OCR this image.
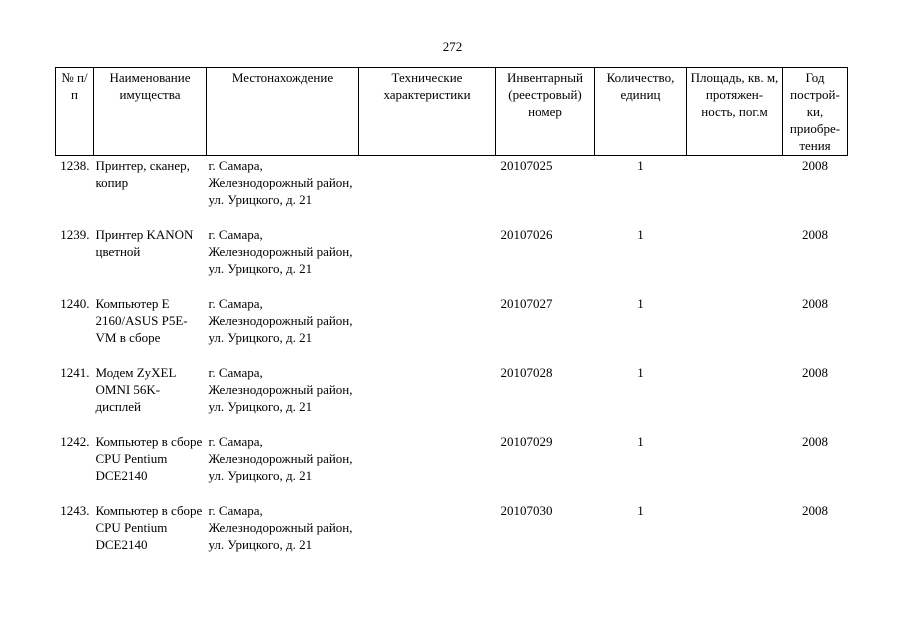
272
№ п/п	Наименование имущества	Местонахождение	Технические характеристики	Инвентарный (реестровый) номер	Количество, единиц	Площадь, кв. м, протяжен-ность, пог.м	Год построй-ки, приобре-тения
1238.	Принтер, сканер, копир	г. Самара, Железнодорожный район, ул. Урицкого, д. 21		20107025	1		2008
1239.	Принтер KANON цветной	г. Самара, Железнодорожный район, ул. Урицкого, д. 21		20107026	1		2008
1240.	Компьютер E 2160/ASUS P5E-VM в сборе	г. Самара, Железнодорожный район, ул. Урицкого, д. 21		20107027	1		2008
1241.	Модем ZyXEL OMNI 56K- дисплей	г. Самара, Железнодорожный район, ул. Урицкого, д. 21		20107028	1		2008
1242.	Компьютер в сборе CPU Pentium DCE2140	г. Самара, Железнодорожный район, ул. Урицкого, д. 21		20107029	1		2008
1243.	Компьютер в сборе CPU Pentium DCE2140	г. Самара, Железнодорожный район, ул. Урицкого, д. 21		20107030	1		2008
